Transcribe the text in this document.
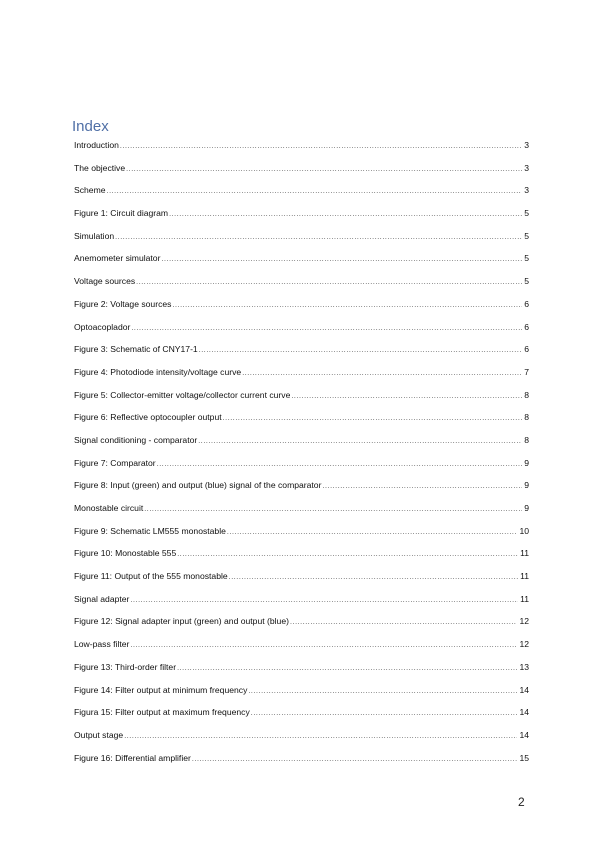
Index
Introduction .....	3
The objective .....	3
Scheme .....	3
Figure 1: Circuit diagram .....	5
Simulation .....	5
Anemometer simulator .....	5
Voltage sources .....	5
Figure 2: Voltage sources .....	6
Optoacoplador .....	6
Figure 3: Schematic of CNY17-1 .....	6
Figure 4: Photodiode intensity/voltage curve .....	7
Figure 5: Collector-emitter voltage/collector current curve .....	8
Figure 6: Reflective optocoupler output .....	8
Signal conditioning - comparator .....	8
Figure 7: Comparator .....	9
Figure 8: Input (green) and output (blue) signal of the comparator .....	9
Monostable circuit .....	9
Figure 9: Schematic LM555 monostable .....	10
Figure 10: Monostable 555 .....	11
Figure 11: Output of the 555 monostable .....	11
Signal adapter .....	11
Figure 12: Signal adapter input (green) and output (blue) .....	12
Low-pass filter .....	12
Figure 13: Third-order filter .....	13
Figure 14: Filter output at minimum frequency .....	14
Figura 15: Filter output at maximum frequency .....	14
Output stage .....	14
Figure 16: Differential amplifier .....	15
2
